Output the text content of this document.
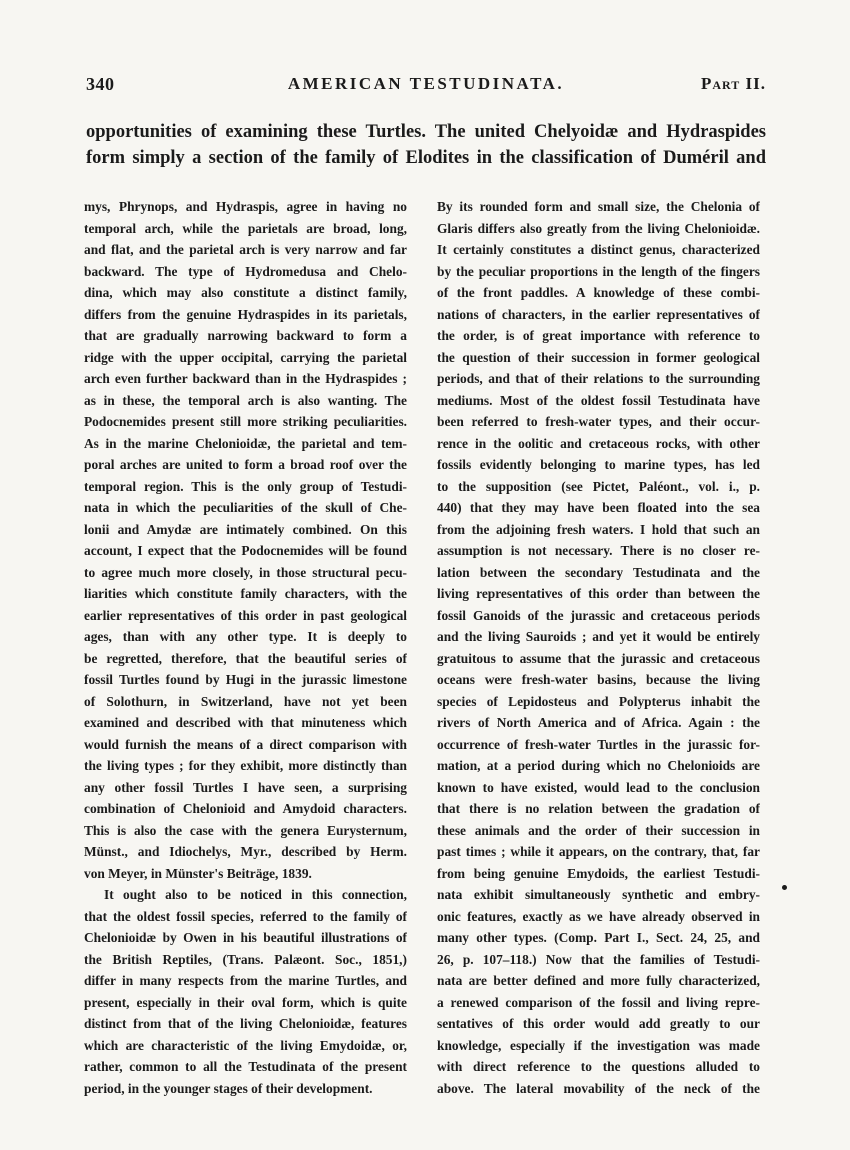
340	AMERICAN TESTUDINATA.	Part II.
opportunities of examining these Turtles. The united Chelyoidæ and Hydraspides
form simply a section of the family of Elodites in the classification of Duméril and
mys, Phrynops, and Hydraspis, agree in having no
temporal arch, while the parietals are broad, long,
and flat, and the parietal arch is very narrow and far
backward. The type of Hydromedusa and Chelo-
dina, which may also constitute a distinct family,
differs from the genuine Hydraspides in its parietals,
that are gradually narrowing backward to form a
ridge with the upper occipital, carrying the parietal
arch even further backward than in the Hydraspides ;
as in these, the temporal arch is also wanting. The
Podocnemides present still more striking peculiarities.
As in the marine Chelonioidæ, the parietal and tem-
poral arches are united to form a broad roof over the
temporal region. This is the only group of Testudi-
nata in which the peculiarities of the skull of Che-
lonii and Amydæ are intimately combined. On this
account, I expect that the Podocnemides will be found
to agree much more closely, in those structural pecu-
liarities which constitute family characters, with the
earlier representatives of this order in past geological
ages, than with any other type. It is deeply to
be regretted, therefore, that the beautiful series of
fossil Turtles found by Hugi in the jurassic limestone
of Solothurn, in Switzerland, have not yet been
examined and described with that minuteness which
would furnish the means of a direct comparison with
the living types ; for they exhibit, more distinctly than
any other fossil Turtles I have seen, a surprising
combination of Chelonioid and Amydoid characters.
This is also the case with the genera Eurysternum,
Münst., and Idiochelys, Myr., described by Herm.
von Meyer, in Münster's Beiträge, 1839.
It ought also to be noticed in this connection,
that the oldest fossil species, referred to the family of
Chelonioidæ by Owen in his beautiful illustrations of
the British Reptiles, (Trans. Palæont. Soc., 1851,)
differ in many respects from the marine Turtles, and
present, especially in their oval form, which is quite
distinct from that of the living Chelonioidæ, features
which are characteristic of the living Emydoidæ, or,
rather, common to all the Testudinata of the present
period, in the younger stages of their development.
By its rounded form and small size, the Chelonia of
Glaris differs also greatly from the living Chelonioidæ.
It certainly constitutes a distinct genus, characterized
by the peculiar proportions in the length of the fingers
of the front paddles. A knowledge of these combi-
nations of characters, in the earlier representatives of
the order, is of great importance with reference to
the question of their succession in former geological
periods, and that of their relations to the surrounding
mediums. Most of the oldest fossil Testudinata have
been referred to fresh-water types, and their occur-
rence in the oolitic and cretaceous rocks, with other
fossils evidently belonging to marine types, has led
to the supposition (see Pictet, Paléont., vol. i., p.
440) that they may have been floated into the sea
from the adjoining fresh waters. I hold that such an
assumption is not necessary. There is no closer re-
lation between the secondary Testudinata and the
living representatives of this order than between the
fossil Ganoids of the jurassic and cretaceous periods
and the living Sauroids ; and yet it would be entirely
gratuitous to assume that the jurassic and cretaceous
oceans were fresh-water basins, because the living
species of Lepidosteus and Polypterus inhabit the
rivers of North America and of Africa. Again : the
occurrence of fresh-water Turtles in the jurassic for-
mation, at a period during which no Chelonioids are
known to have existed, would lead to the conclusion
that there is no relation between the gradation of
these animals and the order of their succession in
past times ; while it appears, on the contrary, that, far
from being genuine Emydoids, the earliest Testudi-
nata exhibit simultaneously synthetic and embry-
onic features, exactly as we have already observed in
many other types. (Comp. Part I., Sect. 24, 25, and
26, p. 107–118.) Now that the families of Testudi-
nata are better defined and more fully characterized,
a renewed comparison of the fossil and living repre-
sentatives of this order would add greatly to our
knowledge, especially if the investigation was made
with direct reference to the questions alluded to
above. The lateral movability of the neck of the
